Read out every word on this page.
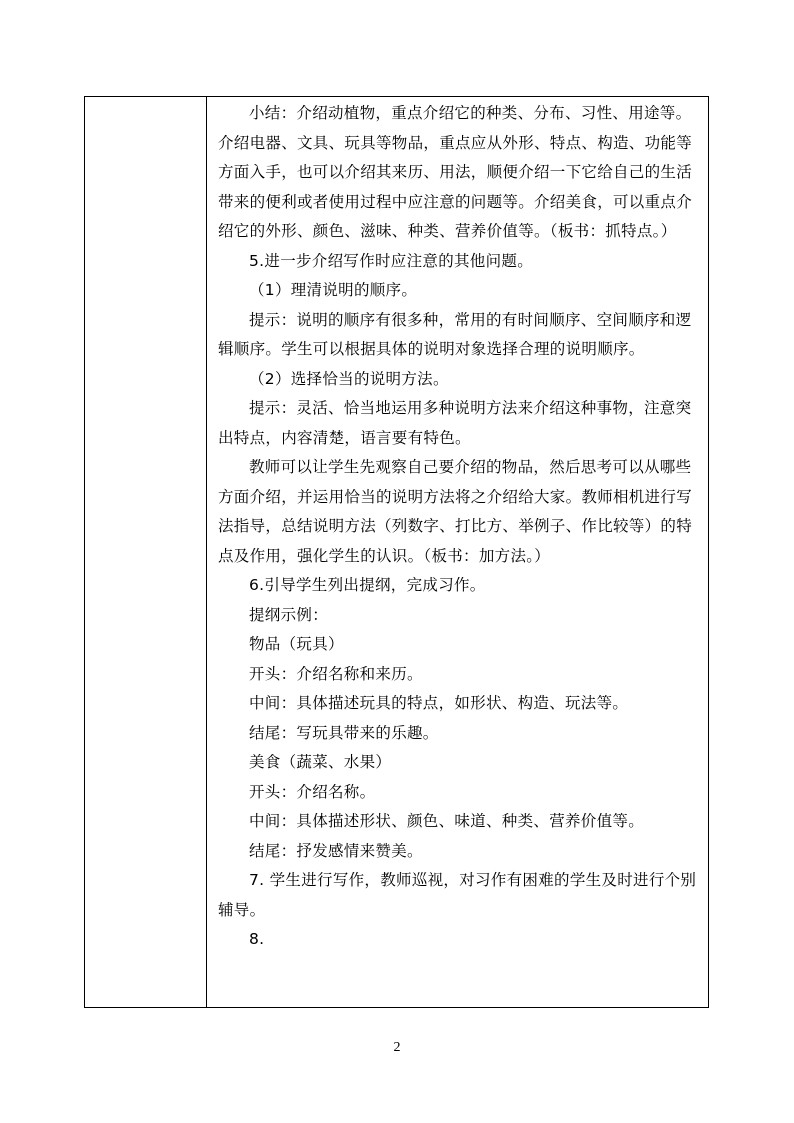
小结：介绍动植物，重点介绍它的种类、分布、习性、用途等。
介绍电器、文具、玩具等物品，重点应从外形、特点、构造、功能等
方面入手，也可以介绍其来历、用法，顺便介绍一下它给自己的生活
带来的便利或者使用过程中应注意的问题等。介绍美食，可以重点介
绍它的外形、颜色、滋味、种类、营养价值等。（板书：抓特点。）
5.进一步介绍写作时应注意的其他问题。
（1）理清说明的顺序。
提示：说明的顺序有很多种，常用的有时间顺序、空间顺序和逻
辑顺序。学生可以根据具体的说明对象选择合理的说明顺序。
（2）选择恰当的说明方法。
提示：灵活、恰当地运用多种说明方法来介绍这种事物，注意突
出特点，内容清楚，语言要有特色。
教师可以让学生先观察自己要介绍的物品，然后思考可以从哪些
方面介绍，并运用恰当的说明方法将之介绍给大家。教师相机进行写
法指导，总结说明方法（列数字、打比方、举例子、作比较等）的特
点及作用，强化学生的认识。（板书：加方法。）
6.引导学生列出提纲，完成习作。
提纲示例：
物品（玩具）
开头：介绍名称和来历。
中间：具体描述玩具的特点，如形状、构造、玩法等。
结尾：写玩具带来的乐趣。
美食（蔬菜、水果）
开头：介绍名称。
中间：具体描述形状、颜色、味道、种类、营养价值等。
结尾：抒发感情来赞美。
7. 学生进行写作，教师巡视，对习作有困难的学生及时进行个别
辅导。
8.
2
